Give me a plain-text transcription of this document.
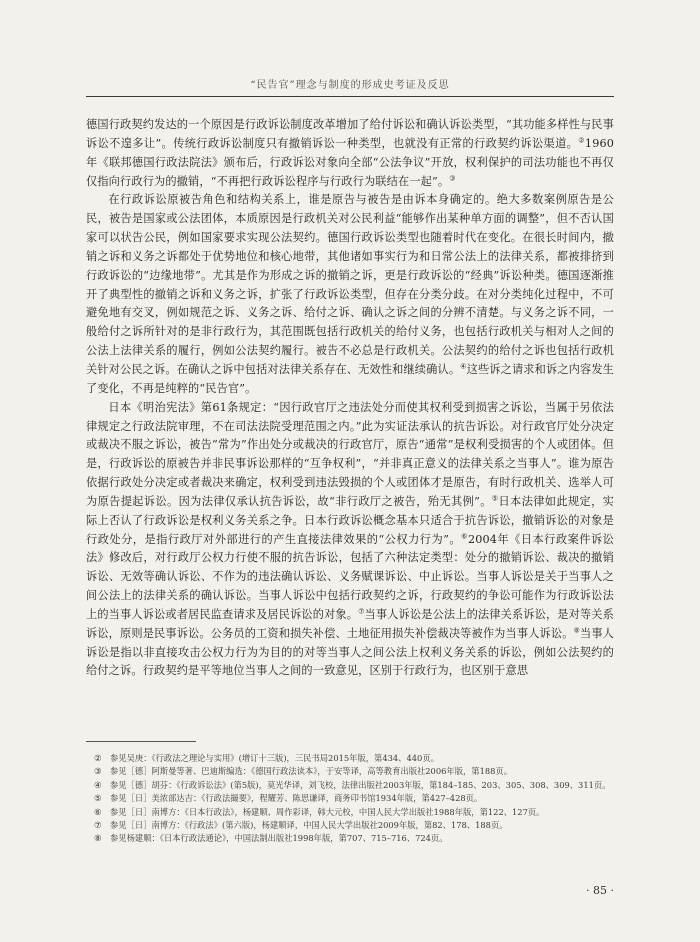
“民告官”理念与制度的形成史考证及反思

德国行政契约发达的一个原因是行政诉讼制度改革增加了给付诉讼和确认诉讼类型，“其功能多样性与民事诉讼不遑多让”。传统行政诉讼制度只有撤销诉讼一种类型，也就没有正常的行政契约诉讼渠道。②1960年《联邦德国行政法院法》颁布后，行政诉讼对象向全部“公法争议”开放，权利保护的司法功能也不再仅仅指向行政行为的撤销，“不再把行政诉讼程序与行政行为联结在一起”。③

在行政诉讼原被告角色和结构关系上，谁是原告与被告是由诉本身确定的。绝大多数案例原告是公民，被告是国家或公法团体，本质原因是行政机关对公民利益“能够作出某种单方面的调整”，但不否认国家可以状告公民，例如国家要求实现公法契约。德国行政诉讼类型也随着时代在变化。在很长时间内，撤销之诉和义务之诉都处于优势地位和核心地带，其他诸如事实行为和日常公法上的法律关系，都被排挤到行政诉讼的“边缘地带”。尤其是作为形成之诉的撤销之诉，更是行政诉讼的“经典”诉讼种类。德国逐渐推开了典型性的撤销之诉和义务之诉，扩张了行政诉讼类型，但存在分类分歧。在对分类纯化过程中，不可避免地有交叉，例如规范之诉、义务之诉、给付之诉、确认之诉之间的分辨不清楚。与义务之诉不同，一般给付之诉所针对的是非行政行为，其范围既包括行政机关的给付义务，也包括行政机关与相对人之间的公法上法律关系的履行，例如公法契约履行。被告不必总是行政机关。公法契约的给付之诉也包括行政机关针对公民之诉。在确认之诉中包括对法律关系存在、无效性和继续确认。④这些诉之请求和诉之内容发生了变化，不再是纯粹的“民告官”。

日本《明治宪法》第61条规定：“因行政官厅之违法处分而使其权利受到损害之诉讼，当属于另依法律规定之行政法院审理，不在司法法院受理范围之内。”此为实证法承认的抗告诉讼。对行政官厅处分决定或裁决不服之诉讼，被告“常为”作出处分或裁决的行政官厅，原告“通常”是权利受损害的个人或团体。但是，行政诉讼的原被告并非民事诉讼那样的“互争权利”，“并非真正意义的法律关系之当事人”。谁为原告依据行政处分决定或者裁决来确定，权利受到违法毁损的个人或团体才是原告，有时行政机关、选举人可为原告提起诉讼。因为法律仅承认抗告诉讼，故“非行政厅之被告，殆无其例”。⑤日本法律如此规定，实际上否认了行政诉讼是权利义务关系之争。日本行政诉讼概念基本只适合于抗告诉讼，撤销诉讼的对象是行政处分，是指行政厅对外部进行的产生直接法律效果的“公权力行为”。⑥2004年《日本行政案件诉讼法》修改后，对行政厅公权力行使不服的抗告诉讼，包括了六种法定类型：处分的撤销诉讼、裁决的撤销诉讼、无效等确认诉讼、不作为的违法确认诉讼、义务赋课诉讼、中止诉讼。当事人诉讼是关于当事人之间公法上的法律关系的确认诉讼。当事人诉讼中包括行政契约之诉，行政契约的争讼可能作为行政诉讼法上的当事人诉讼或者居民监查请求及居民诉讼的对象。⑦当事人诉讼是公法上的法律关系诉讼，是对等关系诉讼，原则是民事诉讼。公务员的工资和损失补偿、土地征用损失补偿裁决等被作为当事人诉讼。⑧当事人诉讼是指以非直接攻击公权力行为为目的的对等当事人之间公法上权利义务关系的诉讼，例如公法契约的给付之诉。行政契约是平等地位当事人之间的一致意见，区别于行政行为，也区别于意思

②	参见吴庚：《行政法之理论与实用》(增订十三版)，三民书局2015年版，第434、440页。
③	参见［德］阿斯曼等著、巴迪斯编选：《德国行政法读本》，于安等译，高等教育出版社2006年版，第188页。
④	参见［德］胡芬：《行政诉讼法》(第5版)，莫光华译，刘飞校，法律出版社2003年版，第184–185、203、305、308、309、311页。
⑤	参见［日］美浓部达吉：《行政法撮要》，程耀芳、陈思谦译，商务印书馆1934年版，第427–428页。
⑥	参见［日］南博方：《日本行政法》，杨建顺、周作彩译，韩大元校，中国人民大学出版社1988年版，第122、127页。
⑦	参见［日］南博方：《行政法》(第六版)，杨建顺译，中国人民大学出版社2009年版，第82、178、188页。
⑧	参见杨建顺：《日本行政法通论》，中国法制出版社1998年版，第707、715–716、724页。
· 85 ·
